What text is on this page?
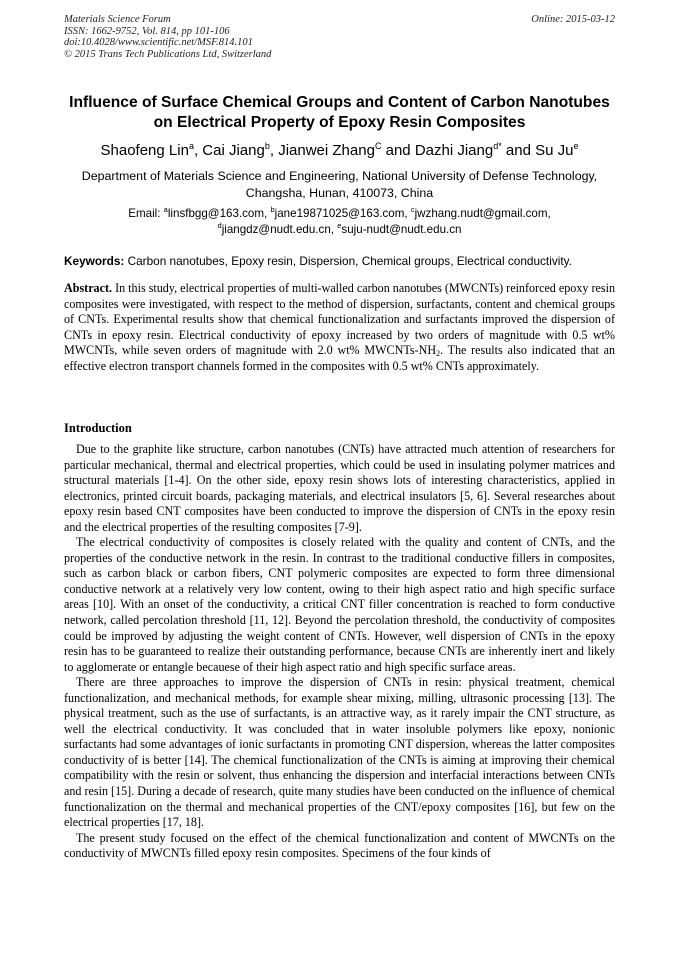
Materials Science Forum
ISSN: 1662-9752, Vol. 814, pp 101-106
doi:10.4028/www.scientific.net/MSF.814.101
© 2015 Trans Tech Publications Ltd, Switzerland
Online: 2015-03-12
Influence of Surface Chemical Groups and Content of Carbon Nanotubes
on Electrical Property of Epoxy Resin Composites
Shaofeng Lin$^a$, Cai Jiang$^b$, Jianwei Zhang$^C$ and Dazhi Jiang$^{d*}$ and Su Ju$^e$
Department of Materials Science and Engineering, National University of Defense Technology,
Changsha, Hunan, 410073, China
Email: $^a$linsfbgg@163.com, $^b$jane19871025@163.com, $^c$jwzhang.nudt@gmail.com,
$^d$jiangdz@nudt.edu.cn, $^e$suju-nudt@nudt.edu.cn
Keywords: Carbon nanotubes, Epoxy resin, Dispersion, Chemical groups, Electrical conductivity.
Abstract. In this study, electrical properties of multi-walled carbon nanotubes (MWCNTs) reinforced epoxy resin composites were investigated, with respect to the method of dispersion, surfactants, content and chemical groups of CNTs. Experimental results show that chemical functionalization and surfactants improved the dispersion of CNTs in epoxy resin. Electrical conductivity of epoxy increased by two orders of magnitude with 0.5 wt% MWCNTs, while seven orders of magnitude with 2.0 wt% MWCNTs-$NH_2$. The results also indicated that an effective electron transport channels formed in the composites with 0.5 wt% CNTs approximately.
Introduction

Due to the graphite like structure, carbon nanotubes (CNTs) have attracted much attention of researchers for particular mechanical, thermal and electrical properties, which could be used in insulating polymer matrices and structural materials [1-4]. On the other side, epoxy resin shows lots of interesting characteristics, applied in electronics, printed circuit boards, packaging materials, and electrical insulators [5, 6]. Several researches about epoxy resin based CNT composites have been conducted to improve the dispersion of CNTs in the epoxy resin and the electrical properties of the resulting composites [7-9].

The electrical conductivity of composites is closely related with the quality and content of CNTs, and the properties of the conductive network in the resin. In contrast to the traditional conductive fillers in composites, such as carbon black or carbon fibers, CNT polymeric composites are expected to form three dimensional conductive network at a relatively very low content, owing to their high aspect ratio and high specific surface areas [10]. With an onset of the conductivity, a critical CNT filler concentration is reached to form conductive network, called percolation threshold [11, 12]. Beyond the percolation threshold, the conductivity of composites could be improved by adjusting the weight content of CNTs. However, well dispersion of CNTs in the epoxy resin has to be guaranteed to realize their outstanding performance, because CNTs are inherently inert and likely to agglomerate or entangle becauese of their high aspect ratio and high specific surface areas.

There are three approaches to improve the dispersion of CNTs in resin: physical treatment, chemical functionalization, and mechanical methods, for example shear mixing, milling, ultrasonic processing [13]. The physical treatment, such as the use of surfactants, is an attractive way, as it rarely impair the CNT structure, as well the electrical conductivity. It was concluded that in water insoluble polymers like epoxy, nonionic surfactants had some advantages of ionic surfactants in promoting CNT dispersion, whereas the latter composites conductivity of is better [14]. The chemical functionalization of the CNTs is aiming at improving their chemical compatibility with the resin or solvent, thus enhancing the dispersion and interfacial interactions between CNTs and resin [15]. During a decade of research, quite many studies have been conducted on the influence of chemical functionalization on the thermal and mechanical properties of the CNT/epoxy composites [16], but few on the electrical properties [17, 18].

The present study focused on the effect of the chemical functionalization and content of MWCNTs on the conductivity of MWCNTs filled epoxy resin composites. Specimens of the four kinds of
